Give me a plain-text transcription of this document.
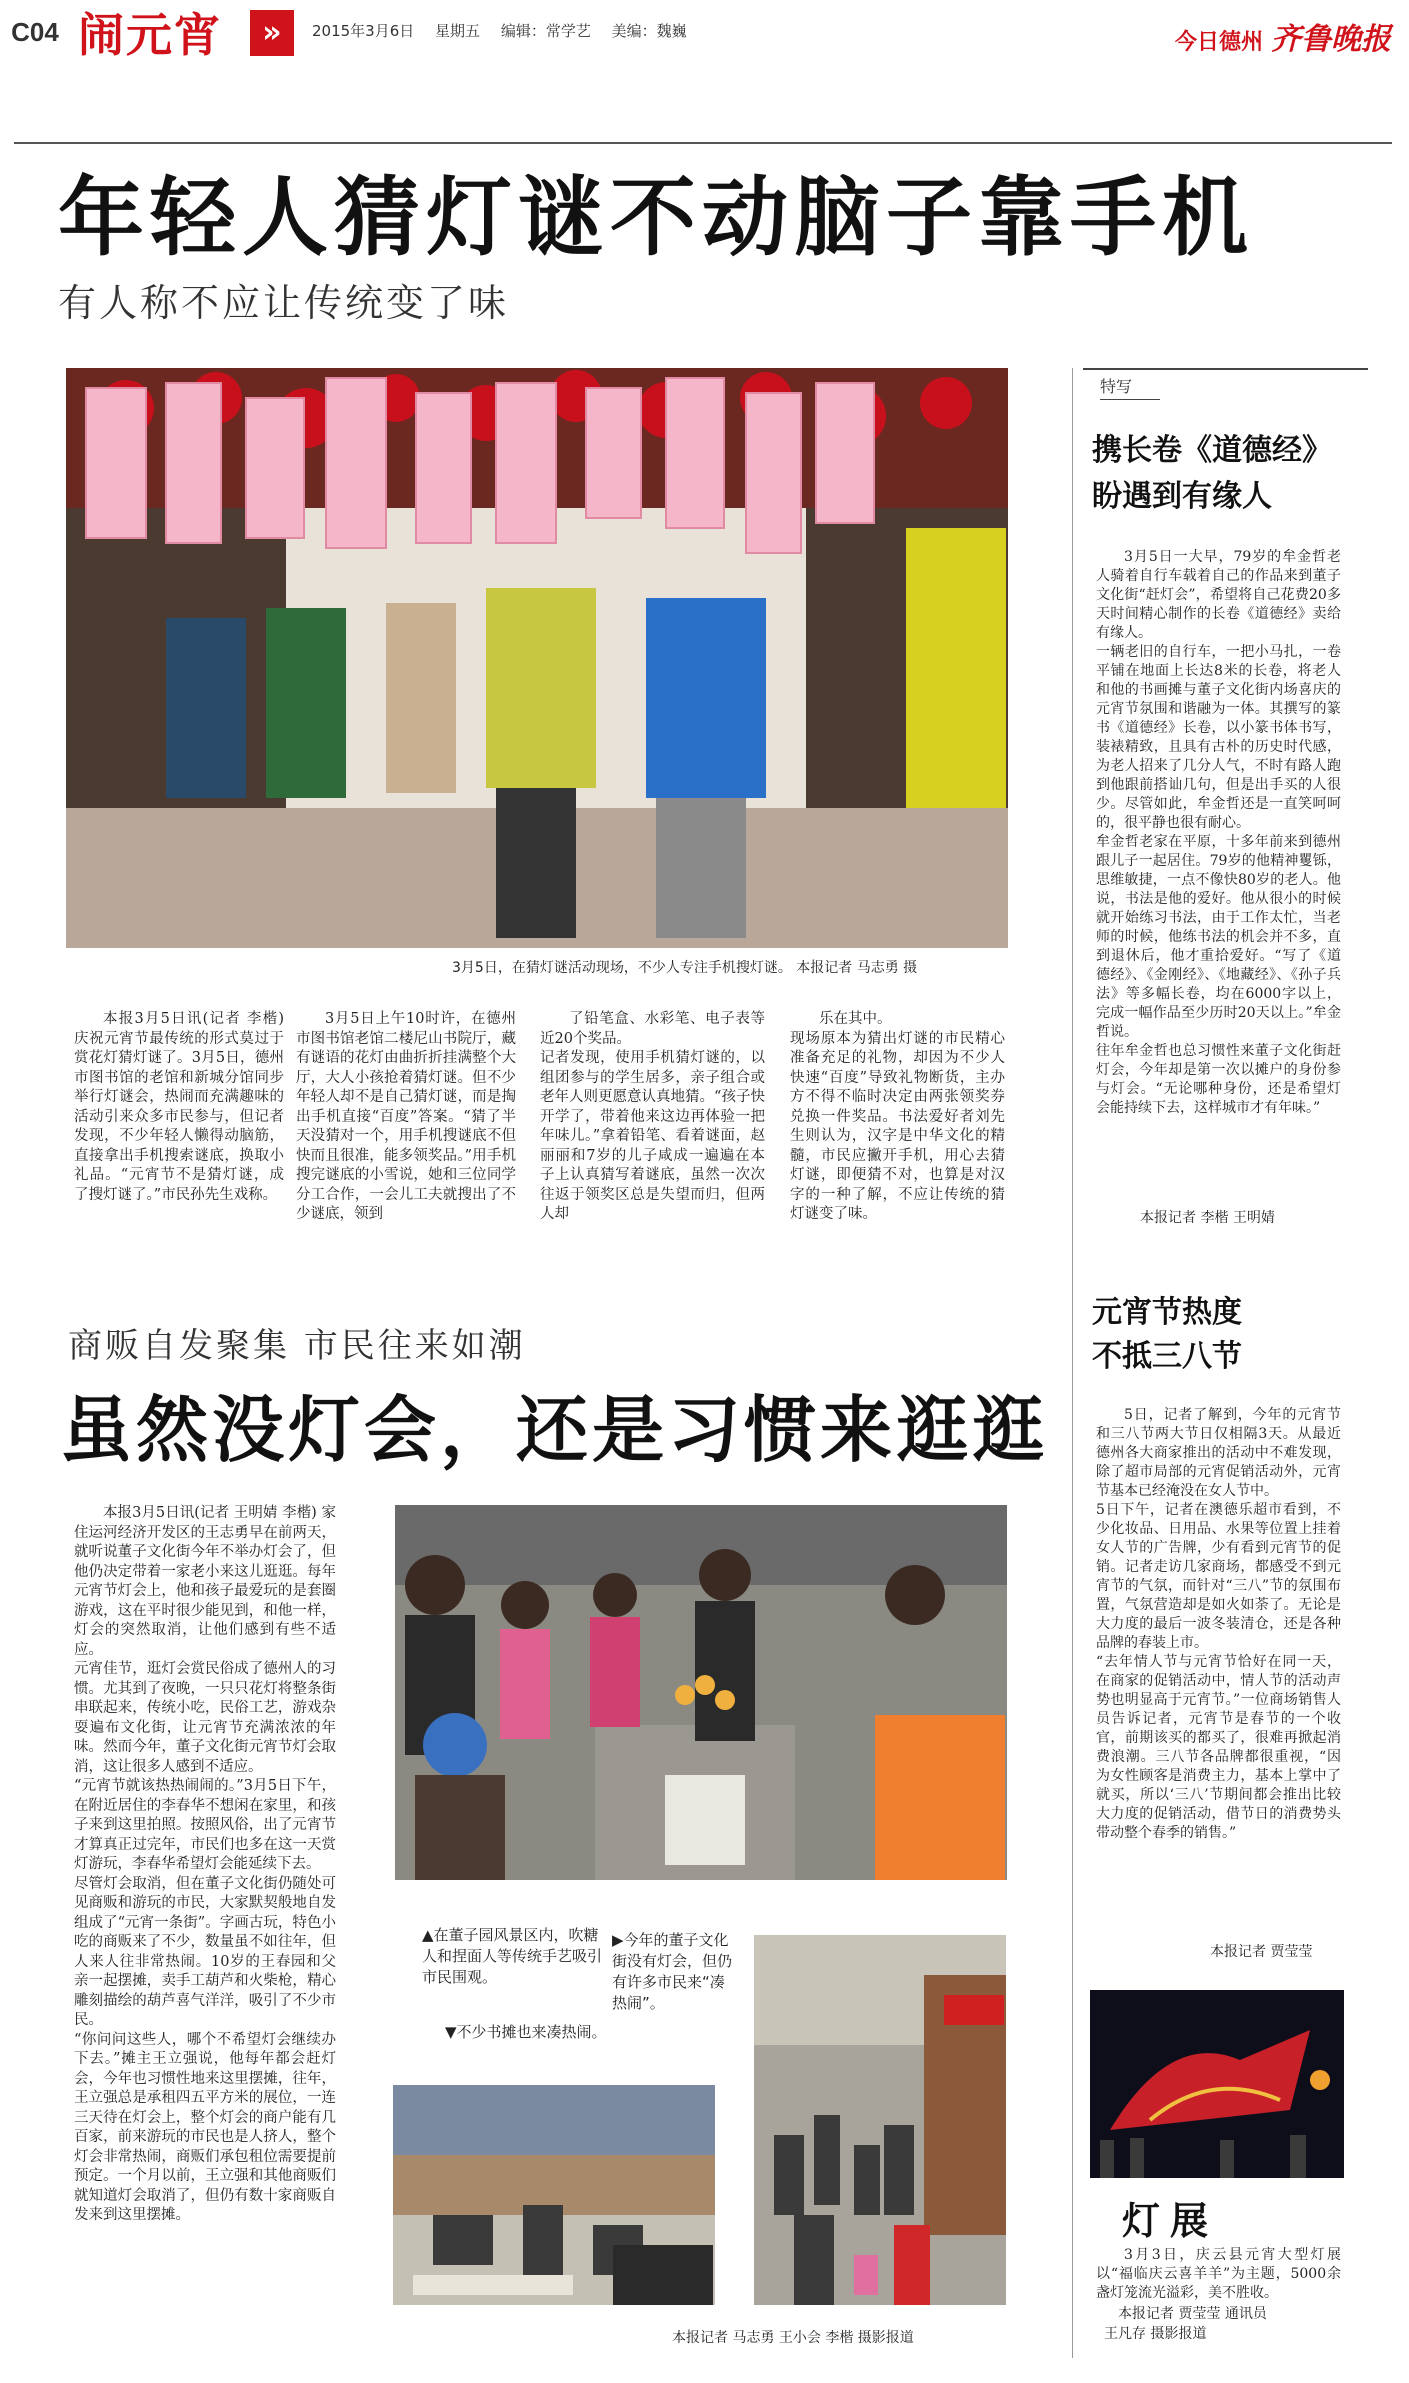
C04 闹元宵	»	2015年3月6日 星期五 编辑：常学艺 美编：魏巍	今日德州 齐鲁晚报
年轻人猜灯谜不动脑子靠手机
有人称不应让传统变了味
3月5日，在猜灯谜活动现场，不少人专注手机搜灯谜。 本报记者 马志勇 摄

本报3月5日讯(记者 李楷) 庆祝元宵节最传统的形式莫过于赏花灯猜灯谜了。3月5日，德州市图书馆的老馆和新城分馆同步举行灯谜会，热闹而充满趣味的活动引来众多市民参与，但记者发现，不少年轻人懒得动脑筋，直接拿出手机搜索谜底，换取小礼品。“元宵节不是猜灯谜，成了搜灯谜了。”市民孙先生戏称。

3月5日上午10时许，在德州市图书馆老馆二楼尼山书院厅，藏有谜语的花灯由曲折折挂满整个大厅，大人小孩抢着猜灯谜。但不少年轻人却不是自己猜灯谜，而是掏出手机直接“百度”答案。“猜了半天没猜对一个，用手机搜谜底不但快而且很准，能多领奖品。”用手机搜完谜底的小雪说，她和三位同学分工合作，一会儿工夫就搜出了不少谜底，领到

了铅笔盒、水彩笔、电子表等近20个奖品。
记者发现，使用手机猜灯谜的，以组团参与的学生居多，亲子组合或老年人则更愿意认真地猜。“孩子快开学了，带着他来这边再体验一把年味儿。”拿着铅笔、看着谜面，赵丽丽和7岁的儿子咸成一遍遍在本子上认真猜写着谜底，虽然一次次往返于领奖区总是失望而归，但两人却

乐在其中。
现场原本为猜出灯谜的市民精心准备充足的礼物，却因为不少人快速“百度”导致礼物断货，主办方不得不临时决定由两张领奖券兑换一件奖品。书法爱好者刘先生则认为，汉字是中华文化的精髓，市民应撇开手机，用心去猜灯谜，即便猜不对，也算是对汉字的一种了解，不应让传统的猜灯谜变了味。

特写
携长卷《道德经》
盼遇到有缘人

3月5日一大早，79岁的牟金哲老人骑着自行车载着自己的作品来到董子文化街“赶灯会”，希望将自己花费20多天时间精心制作的长卷《道德经》卖给有缘人。
一辆老旧的自行车，一把小马扎，一卷平铺在地面上长达8米的长卷，将老人和他的书画摊与董子文化街内场喜庆的元宵节氛围和谐融为一体。其撰写的篆书《道德经》长卷，以小篆书体书写，装裱精致，且具有古朴的历史时代感，为老人招来了几分人气，不时有路人跑到他跟前搭讪几句，但是出手买的人很少。尽管如此，牟金哲还是一直笑呵呵的，很平静也很有耐心。
牟金哲老家在平原，十多年前来到德州跟儿子一起居住。79岁的他精神矍铄，思维敏捷，一点不像快80岁的老人。他说，书法是他的爱好。他从很小的时候就开始练习书法，由于工作太忙，当老师的时候，他练书法的机会并不多，直到退休后，他才重拾爱好。“写了《道德经》、《金刚经》、《地藏经》、《孙子兵法》等多幅长卷，均在6000字以上，完成一幅作品至少历时20天以上。”牟金哲说。
往年牟金哲也总习惯性来董子文化街赶灯会，今年却是第一次以摊户的身份参与灯会。“无论哪种身份，还是希望灯会能持续下去，这样城市才有年味。”

本报记者 李楷 王明婧
元宵节热度
不抵三八节

5日，记者了解到，今年的元宵节和三八节两大节日仅相隔3天。从最近德州各大商家推出的活动中不难发现，除了超市局部的元宵促销活动外，元宵节基本已经淹没在女人节中。
5日下午，记者在澳德乐超市看到，不少化妆品、日用品、水果等位置上挂着女人节的广告牌，少有看到元宵节的促销。记者走访几家商场，都感受不到元宵节的气氛，而针对“三八”节的氛围布置，气氛营造却是如火如荼了。无论是大力度的最后一波冬装清仓，还是各种品牌的春装上市。
“去年情人节与元宵节恰好在同一天，在商家的促销活动中，情人节的活动声势也明显高于元宵节。”一位商场销售人员告诉记者，元宵节是春节的一个收官，前期该买的都买了，很难再掀起消费浪潮。三八节各品牌都很重视，“因为女性顾客是消费主力，基本上掌中了就买，所以‘三八’节期间都会推出比较大力度的促销活动，借节日的消费势头带动整个春季的销售。”

本报记者 贾莹莹
灯展

3月3日，庆云县元宵大型灯展以“福临庆云喜羊羊”为主题，5000余盏灯笼流光溢彩，美不胜收。

本报记者 贾莹莹 通讯员
王凡存 摄影报道
商贩自发聚集 市民往来如潮
虽然没灯会，还是习惯来逛逛

本报3月5日讯(记者 王明婧 李楷) 家住运河经济开发区的王志勇早在前两天，就听说董子文化街今年不举办灯会了，但他仍决定带着一家老小来这儿逛逛。每年元宵节灯会上，他和孩子最爱玩的是套圈游戏，这在平时很少能见到，和他一样，灯会的突然取消，让他们感到有些不适应。
元宵佳节，逛灯会赏民俗成了德州人的习惯。尤其到了夜晚，一只只花灯将整条街串联起来，传统小吃，民俗工艺，游戏杂耍遍布文化街，让元宵节充满浓浓的年味。然而今年，董子文化街元宵节灯会取消，这让很多人感到不适应。
“元宵节就该热热闹闹的。”3月5日下午，在附近居住的李春华不想闲在家里，和孩子来到这里拍照。按照风俗，出了元宵节才算真正过完年，市民们也多在这一天赏灯游玩，李春华希望灯会能延续下去。
尽管灯会取消，但在董子文化街仍随处可见商贩和游玩的市民，大家默契般地自发组成了“元宵一条街”。字画古玩，特色小吃的商贩来了不少，数量虽不如往年，但人来人往非常热闹。10岁的王春园和父亲一起摆摊，卖手工葫芦和火柴枪，精心雕刻描绘的葫芦喜气洋洋，吸引了不少市民。
“你问问这些人，哪个不希望灯会继续办下去。”摊主王立强说，他每年都会赶灯会，今年也习惯性地来这里摆摊，往年，王立强总是承租四五平方米的展位，一连三天待在灯会上，整个灯会的商户能有几百家，前来游玩的市民也是人挤人，整个灯会非常热闹，商贩们承包租位需要提前预定。一个月以前，王立强和其他商贩们就知道灯会取消了，但仍有数十家商贩自发来到这里摆摊。

▲在董子园风景区内，吹糖人和捏面人等传统手艺吸引市民围观。
▼不少书摊也来凑热闹。
▶今年的董子文化街没有灯会，但仍有许多市民来“凑热闹”。
本报记者 马志勇 王小会 李楷 摄影报道
